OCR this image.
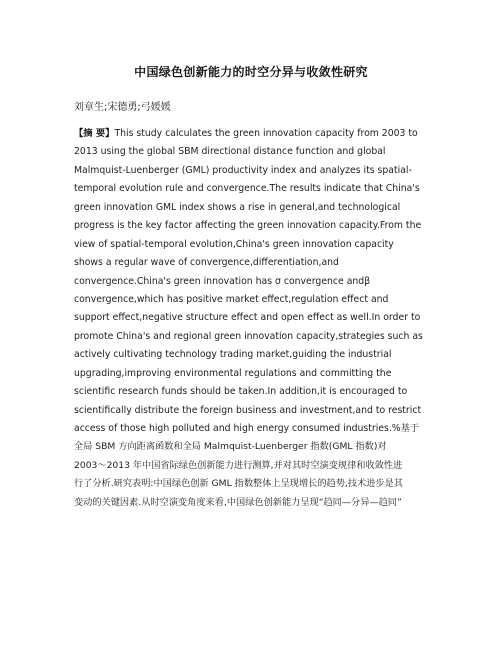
中国绿色创新能力的时空分异与收敛性研究
刘章生;宋德勇;弓媛媛
【摘 要】This study calculates the green innovation capacity from 2003 to
2013 using the global SBM directional distance function and global
Malmquist-Luenberger (GML) productivity index and analyzes its spatial-
temporal evolution rule and convergence.The results indicate that China's
green innovation GML index shows a rise in general,and technological
progress is the key factor affecting the green innovation capacity.From the
view of spatial-temporal evolution,China's green innovation capacity
shows a regular wave of convergence,differentiation,and
convergence.China's green innovation has σ convergence andβ
convergence,which has positive market effect,regulation effect and
support effect,negative structure effect and open effect as well.In order to
promote China's and regional green innovation capacity,strategies such as
actively cultivating technology trading market,guiding the industrial
upgrading,improving environmental regulations and committing the
scientific research funds should be taken.In addition,it is encouraged to
scientifically distribute the foreign business and investment,and to restrict
access of those high polluted and high energy consumed industries.%基于
全局 SBM 方向距离函数和全局 Malmquist-Luenberger 指数(GML 指数)对
2003～2013 年中国省际绿色创新能力进行测算,并对其时空演变规律和收敛性进
行了分析.研究表明:中国绿色创新 GML 指数整体上呈现增长的趋势,技术进步是其
变动的关键因素.从时空演变角度来看,中国绿色创新能力呈现“趋同—分异—趋同”
